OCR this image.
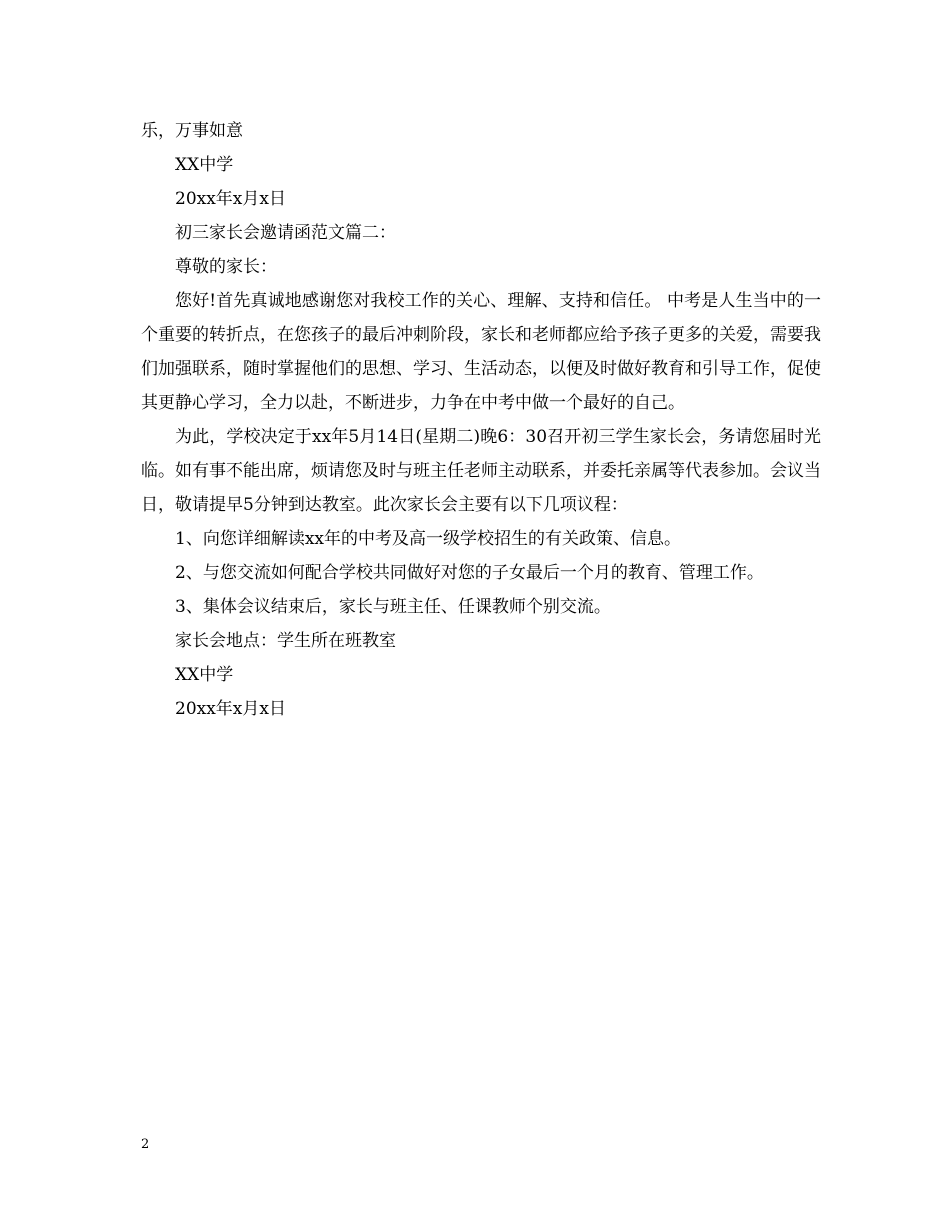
乐，万事如意
XX中学
20xx年x月x日
初三家长会邀请函范文篇二：
尊敬的家长：
您好!首先真诚地感谢您对我校工作的关心、理解、支持和信任。 中考是人生当中的一个重要的转折点，在您孩子的最后冲刺阶段，家长和老师都应给予孩子更多的关爱，需要我们加强联系，随时掌握他们的思想、学习、生活动态，以便及时做好教育和引导工作，促使其更静心学习，全力以赴，不断进步，力争在中考中做一个最好的自己。
为此，学校决定于xx年5月14日(星期二)晚6：30召开初三学生家长会，务请您届时光临。如有事不能出席，烦请您及时与班主任老师主动联系，并委托亲属等代表参加。会议当日，敬请提早5分钟到达教室。此次家长会主要有以下几项议程：
1、向您详细解读xx年的中考及高一级学校招生的有关政策、信息。
2、与您交流如何配合学校共同做好对您的子女最后一个月的教育、管理工作。
3、集体会议结束后，家长与班主任、任课教师个别交流。
家长会地点：学生所在班教室
XX中学
20xx年x月x日
2
